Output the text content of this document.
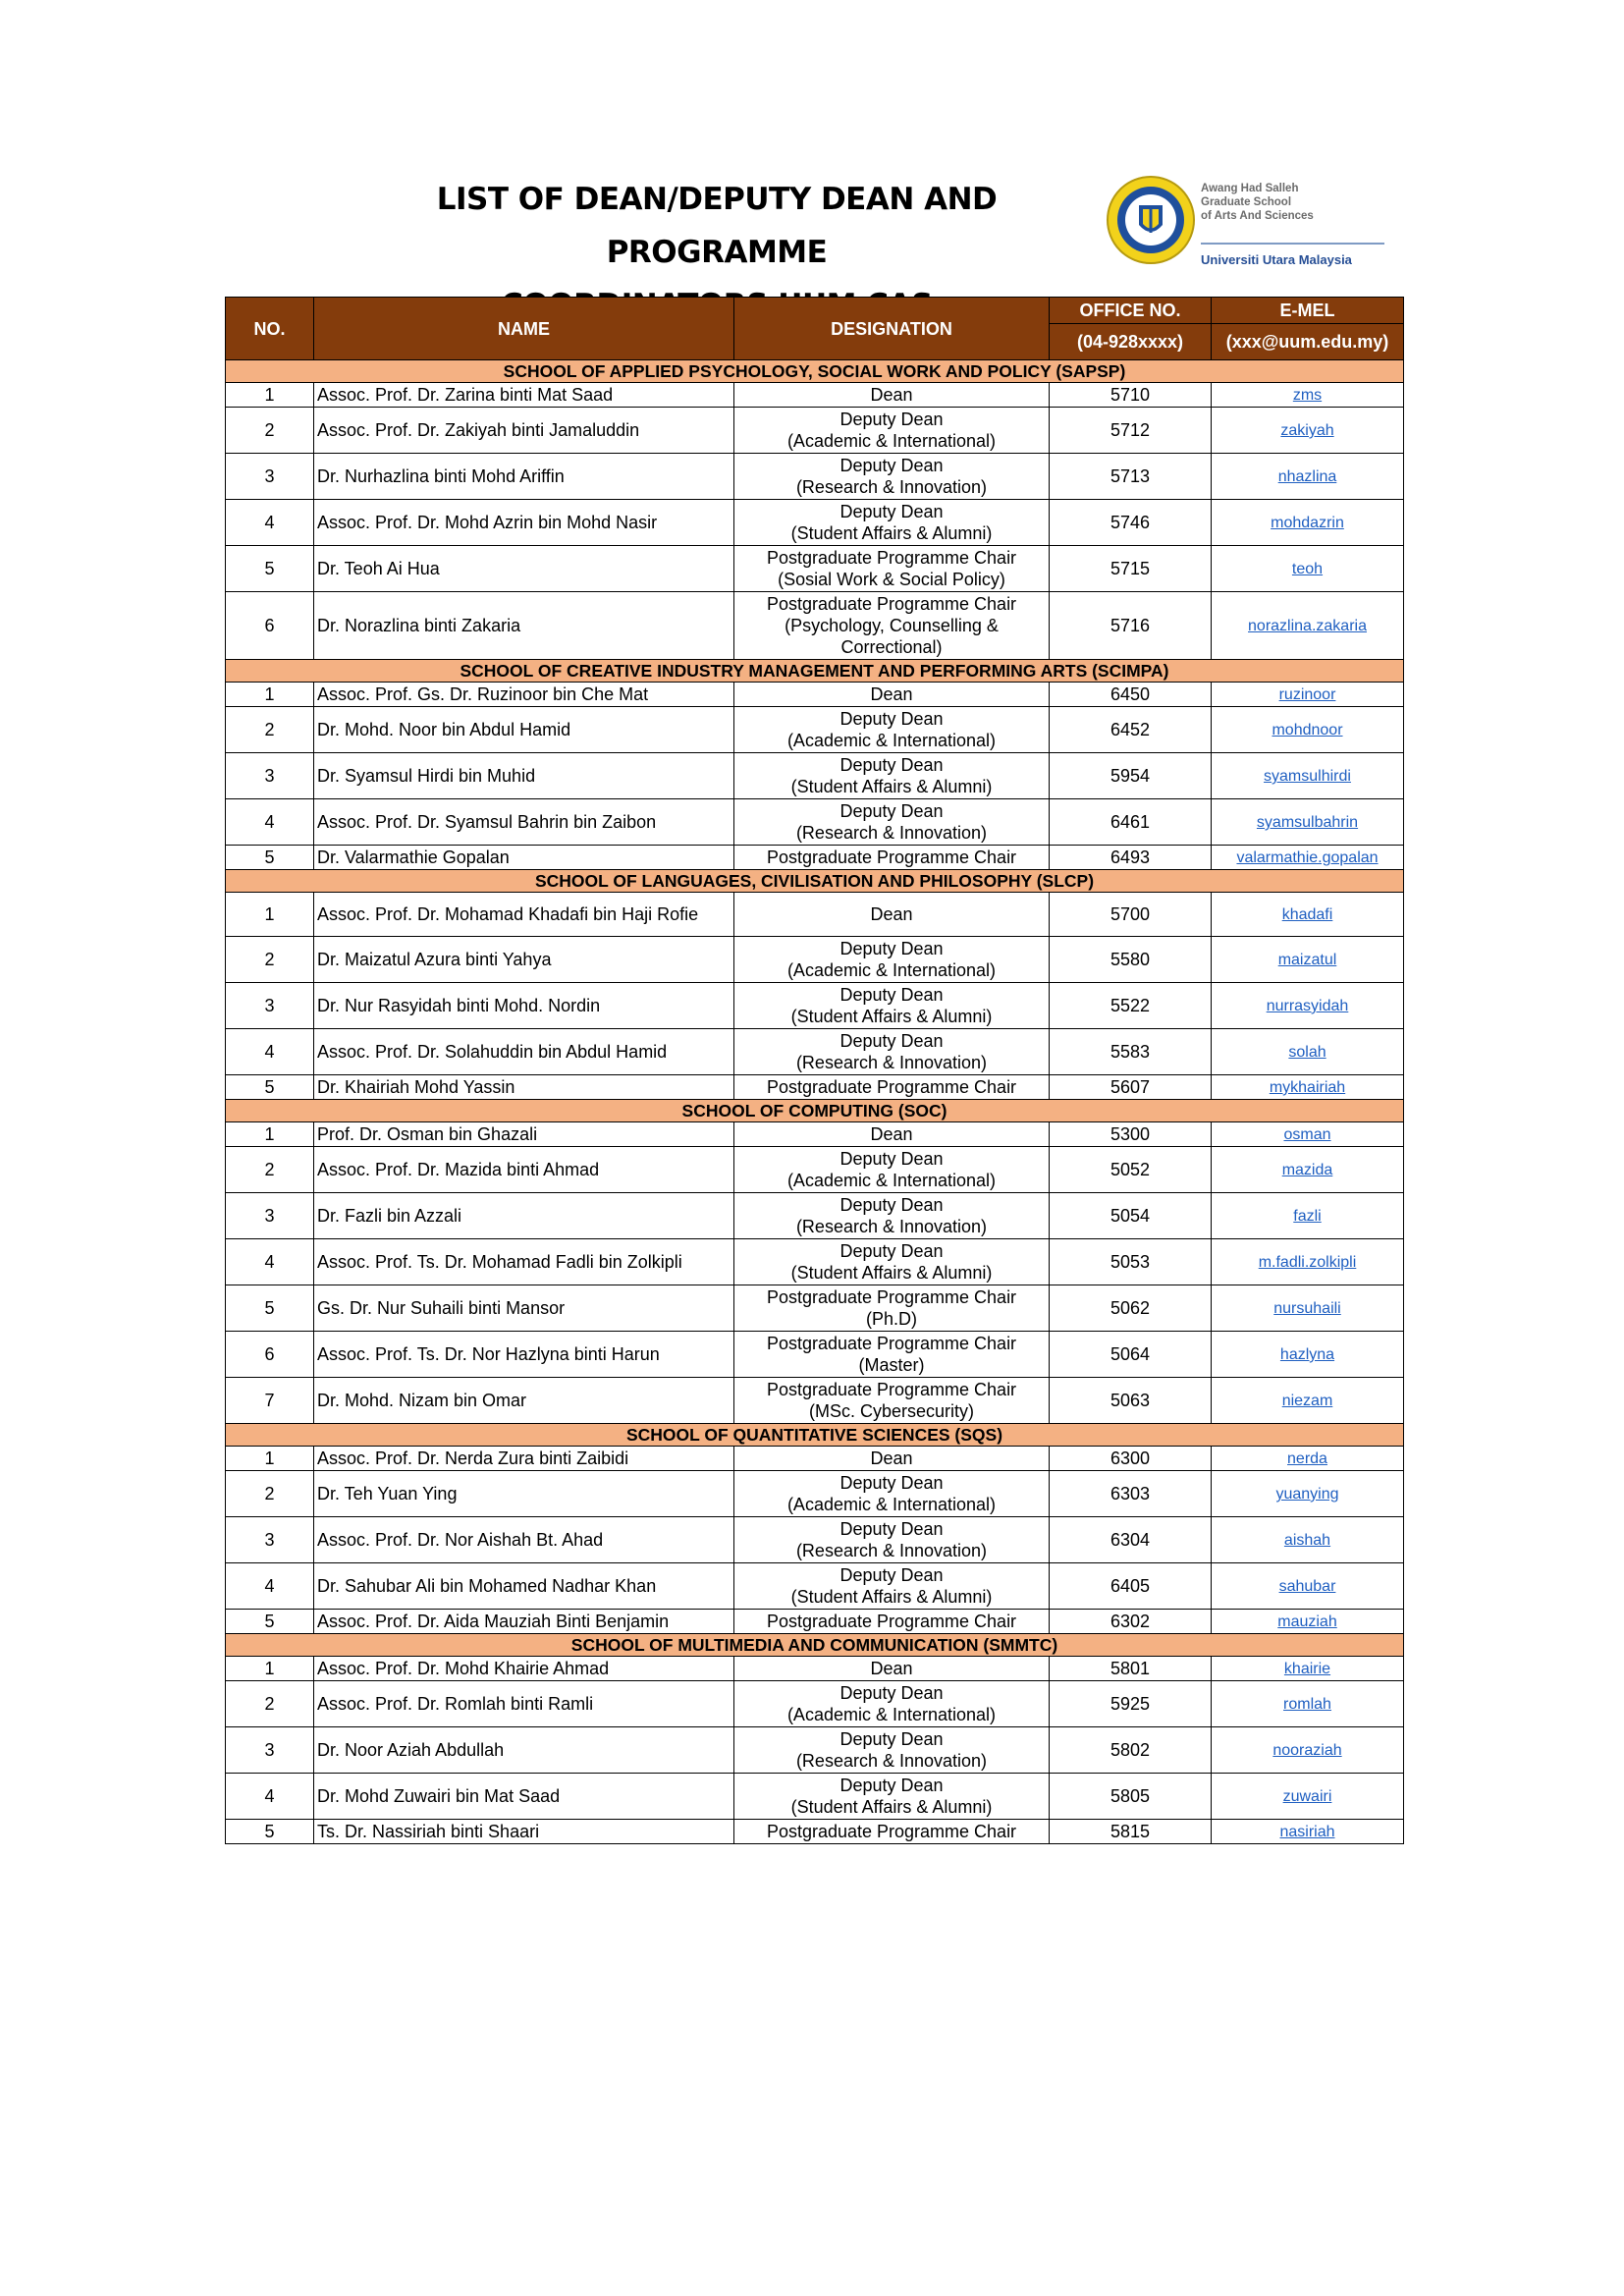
LIST OF DEAN/DEPUTY DEAN AND PROGRAMME
Awang Had Salleh
Graduate School
of Arts And Sciences
Universiti Utara Malaysia
NO.	NAME	DESIGNATION	OFFICE NO.	E-MEL
			(04-928xxxx)	(xxx@uum.edu.my)
SCHOOL OF APPLIED PSYCHOLOGY, SOCIAL WORK AND POLICY (SAPSP)				
1	Assoc. Prof. Dr. Zarina binti Mat Saad	Dean	5710	zms
2	Assoc. Prof. Dr. Zakiyah binti Jamaluddin	Deputy Dean
(Academic & International)	5712	zakiyah
3	Dr. Nurhazlina binti Mohd Ariffin	Deputy Dean
(Research & Innovation)	5713	nhazlina
4	Assoc. Prof. Dr. Mohd Azrin bin Mohd Nasir	Deputy Dean
(Student Affairs & Alumni)	5746	mohdazrin
5	Dr. Teoh Ai Hua	Postgraduate Programme Chair
(Sosial Work & Social Policy)	5715	teoh
6	Dr. Norazlina binti Zakaria	Postgraduate Programme Chair
(Psychology, Counselling &
Correctional)	5716	norazlina.zakaria
SCHOOL OF CREATIVE INDUSTRY MANAGEMENT AND PERFORMING ARTS (SCIMPA)				
1	Assoc. Prof. Gs. Dr. Ruzinoor bin Che Mat	Dean	6450	ruzinoor
2	Dr. Mohd. Noor bin Abdul Hamid	Deputy Dean
(Academic & International)	6452	mohdnoor
3	Dr. Syamsul Hirdi bin Muhid	Deputy Dean
(Student Affairs & Alumni)	5954	syamsulhirdi
4	Assoc. Prof. Dr. Syamsul Bahrin bin Zaibon	Deputy Dean
(Research & Innovation)	6461	syamsulbahrin
5	Dr. Valarmathie Gopalan	Postgraduate Programme Chair	6493	valarmathie.gopalan
SCHOOL OF LANGUAGES, CIVILISATION AND PHILOSOPHY (SLCP)				
1	Assoc. Prof. Dr. Mohamad Khadafi bin Haji Rofie	Dean	5700	khadafi
2	Dr. Maizatul Azura binti Yahya	Deputy Dean
(Academic & International)	5580	maizatul
3	Dr. Nur Rasyidah binti Mohd. Nordin	Deputy Dean
(Student Affairs & Alumni)	5522	nurrasyidah
4	Assoc. Prof. Dr. Solahuddin bin Abdul Hamid	Deputy Dean
(Research & Innovation)	5583	solah
5	Dr. Khairiah Mohd Yassin	Postgraduate Programme Chair	5607	mykhairiah
SCHOOL OF COMPUTING (SOC)				
1	Prof. Dr. Osman bin Ghazali	Dean	5300	osman
2	Assoc. Prof. Dr. Mazida binti Ahmad	Deputy Dean
(Academic & International)	5052	mazida
3	Dr. Fazli bin Azzali	Deputy Dean
(Research & Innovation)	5054	fazli
4	Assoc. Prof. Ts. Dr. Mohamad Fadli bin Zolkipli	Deputy Dean
(Student Affairs & Alumni)	5053	m.fadli.zolkipli
5	Gs. Dr. Nur Suhaili binti Mansor	Postgraduate Programme Chair
(Ph.D)	5062	nursuhaili
6	Assoc. Prof. Ts. Dr. Nor Hazlyna binti Harun	Postgraduate Programme Chair
(Master)	5064	hazlyna
7	Dr. Mohd. Nizam bin Omar	Postgraduate Programme Chair
(MSc. Cybersecurity)	5063	niezam
SCHOOL OF QUANTITATIVE SCIENCES (SQS)				
1	Assoc. Prof. Dr. Nerda Zura binti Zaibidi	Dean	6300	nerda
2	Dr. Teh Yuan Ying	Deputy Dean
(Academic & International)	6303	yuanying
3	Assoc. Prof. Dr. Nor Aishah Bt. Ahad	Deputy Dean
(Research & Innovation)	6304	aishah
4	Dr. Sahubar Ali bin Mohamed Nadhar Khan	Deputy Dean
(Student Affairs & Alumni)	6405	sahubar
5	Assoc. Prof. Dr. Aida Mauziah Binti Benjamin	Postgraduate Programme Chair	6302	mauziah
SCHOOL OF MULTIMEDIA AND COMMUNICATION (SMMTC)				
1	Assoc. Prof. Dr. Mohd Khairie Ahmad	Dean	5801	khairie
2	Assoc. Prof. Dr. Romlah binti Ramli	Deputy Dean
(Academic & International)	5925	romlah
3	Dr. Noor Aziah Abdullah	Deputy Dean
(Research & Innovation)	5802	nooraziah
4	Dr. Mohd Zuwairi bin Mat Saad	Deputy Dean
(Student Affairs & Alumni)	5805	zuwairi
5	Ts. Dr. Nassiriah binti Shaari	Postgraduate Programme Chair	5815	nasiriah
